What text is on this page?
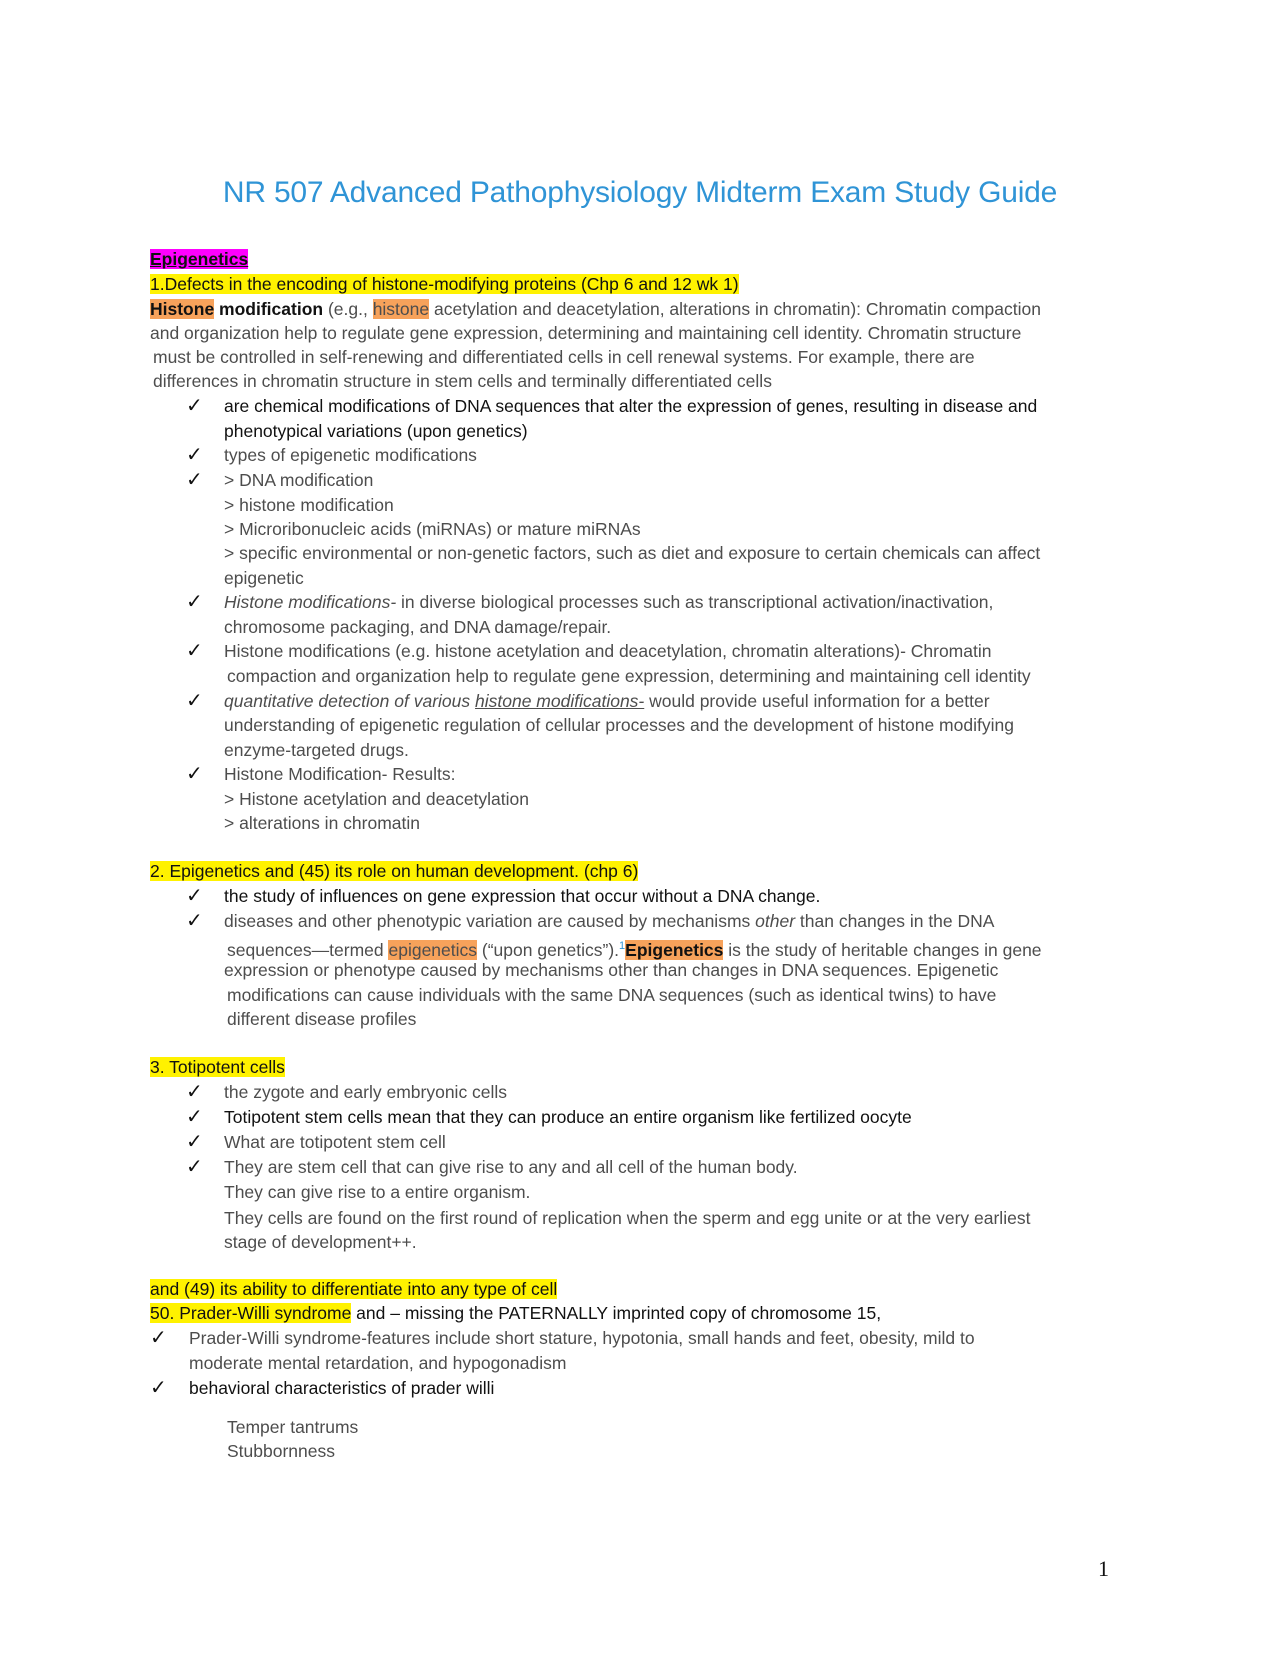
NR 507 Advanced Pathophysiology Midterm Exam Study Guide
Epigenetics
1.Defects in the encoding of histone-modifying proteins (Chp 6 and 12 wk 1)
Histone modification (e.g., histone acetylation and deacetylation, alterations in chromatin): Chromatin compaction
and organization help to regulate gene expression, determining and maintaining cell identity. Chromatin structure
must be controlled in self-renewing and differentiated cells in cell renewal systems. For example, there are
differences in chromatin structure in stem cells and terminally differentiated cells
✓ are chemical modifications of DNA sequences that alter the expression of genes, resulting in disease and
phenotypical variations (upon genetics)
✓ types of epigenetic modifications
✓ > DNA modification
> histone modification
> Microribonucleic acids (miRNAs) or mature miRNAs
> specific environmental or non-genetic factors, such as diet and exposure to certain chemicals can affect
epigenetic
✓ Histone modifications- in diverse biological processes such as transcriptional activation/inactivation,
chromosome packaging, and DNA damage/repair.
✓ Histone modifications (e.g. histone acetylation and deacetylation, chromatin alterations)- Chromatin
compaction and organization help to regulate gene expression, determining and maintaining cell identity
✓ quantitative detection of various histone modifications- would provide useful information for a better
understanding of epigenetic regulation of cellular processes and the development of histone modifying
enzyme-targeted drugs.
✓ Histone Modification- Results:
> Histone acetylation and deacetylation
> alterations in chromatin
2. Epigenetics and (45) its role on human development. (chp 6)
✓ the study of influences on gene expression that occur without a DNA change.
✓ diseases and other phenotypic variation are caused by mechanisms other than changes in the DNA
sequences—termed epigenetics (“upon genetics”).$^1$Epigenetics is the study of heritable changes in gene
expression or phenotype caused by mechanisms other than changes in DNA sequences. Epigenetic
modifications can cause individuals with the same DNA sequences (such as identical twins) to have
different disease profiles
3. Totipotent cells
✓ the zygote and early embryonic cells
✓ Totipotent stem cells mean that they can produce an entire organism like fertilized oocyte
✓ What are totipotent stem cell
✓ They are stem cell that can give rise to any and all cell of the human body.
They can give rise to a entire organism.
They cells are found on the first round of replication when the sperm and egg unite or at the very earliest
stage of development++.
and (49) its ability to differentiate into any type of cell
50. Prader-Willi syndrome and – missing the PATERNALLY imprinted copy of chromosome 15,
✓ Prader-Willi syndrome-features include short stature, hypotonia, small hands and feet, obesity, mild to
moderate mental retardation, and hypogonadism
✓ behavioral characteristics of prader willi
Temper tantrums
Stubbornness
1
